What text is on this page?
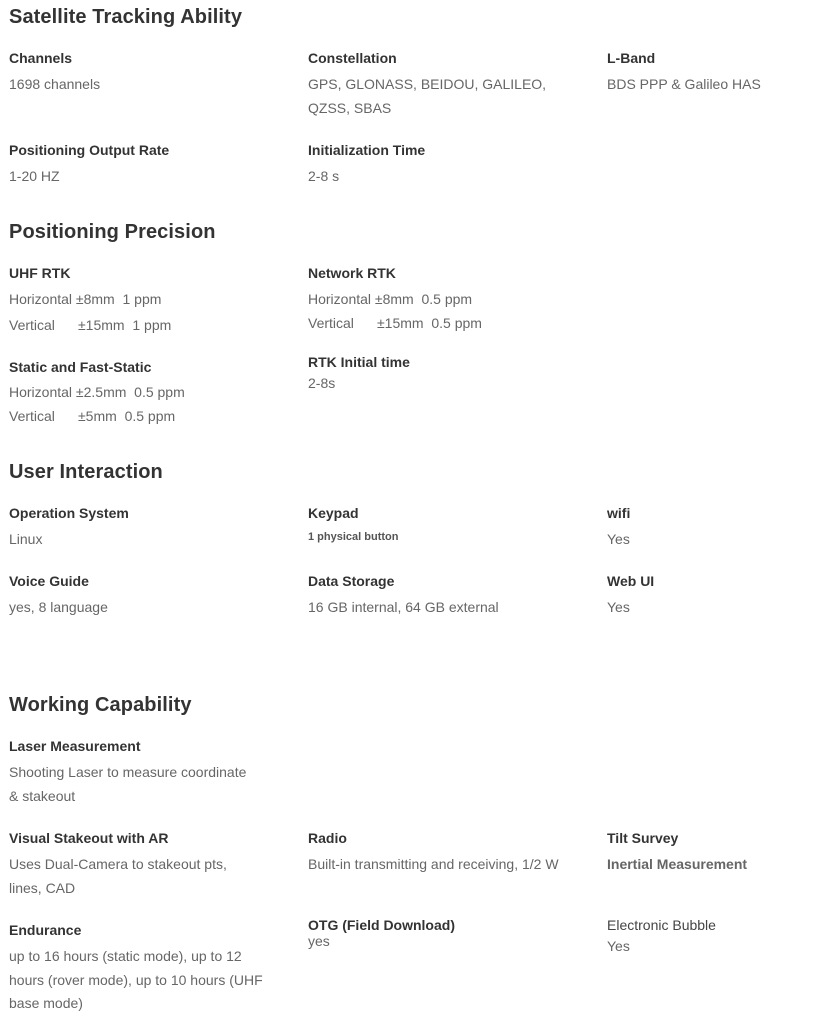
Satellite Tracking Ability
Channels
1698 channels
Constellation
GPS, GLONASS, BEIDOU, GALILEO,
QZSS, SBAS
L-Band
BDS PPP & Galileo HAS
Positioning Output Rate
1-20 HZ
Initialization Time
2-8 s
Positioning Precision
UHF RTK
Horizontal ±8mm  1 ppm
Vertical ±15mm  1 ppm
Network RTK
Horizontal ±8mm  0.5 ppm
Vertical ±15mm  0.5 ppm
Static and Fast-Static
Horizontal ±2.5mm  0.5 ppm
Vertical ±5mm  0.5 ppm
RTK Initial time
2-8s
User Interaction
Operation System
Linux
Keypad
1 physical button
wifi
Yes
Voice Guide
yes, 8 language
Data Storage
16 GB internal, 64 GB external
Web UI
Yes
Working Capability
Laser Measurement
Shooting Laser to measure coordinate
& stakeout
Visual Stakeout with AR
Uses Dual-Camera to stakeout pts,
lines, CAD
Radio
Built-in transmitting and receiving, 1/2 W
Tilt Survey
Inertial Measurement
Endurance
up to 16 hours (static mode), up to 12
hours (rover mode), up to 10 hours (UHF
base mode)
OTG (Field Download)
yes
Electronic Bubble
Yes
